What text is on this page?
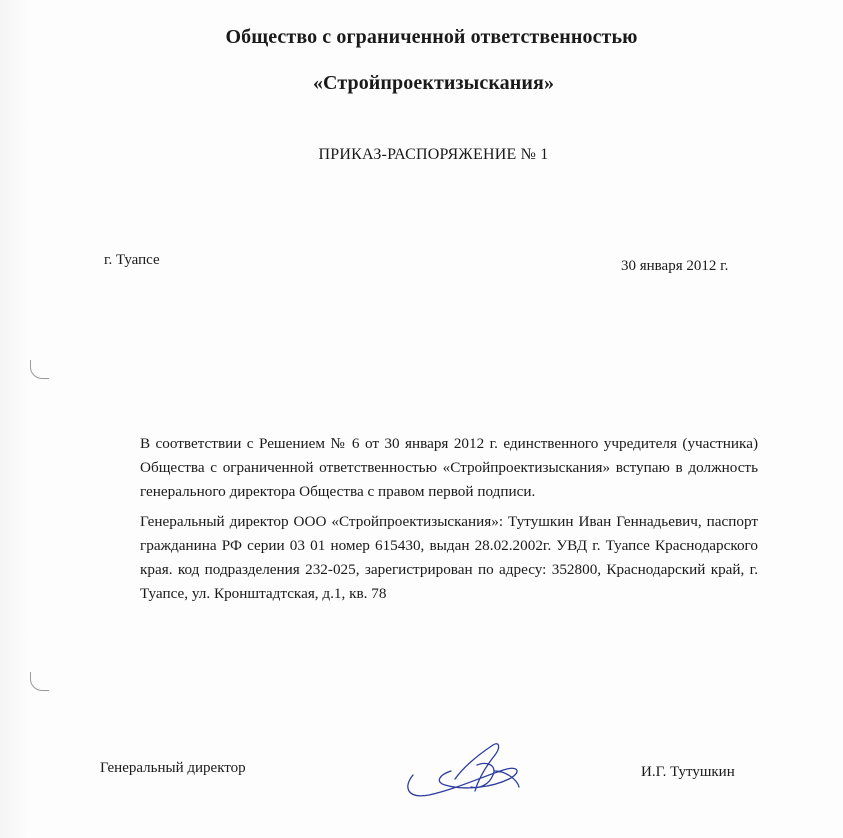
Общество с ограниченной ответственностью
«Стройпроектизыскания»
ПРИКАЗ-РАСПОРЯЖЕНИЕ № 1
г. Туапсе	30 января 2012 г.
В соответствии с Решением № 6 от 30 января 2012 г. единственного учредителя (участника) Общества с ограниченной ответственностью «Стройпроектизыскания» вступаю в должность генерального директора Общества с правом первой подписи.
Генеральный директор ООО «Стройпроектизыскания»: Тутушкин Иван Геннадьевич, паспорт гражданина РФ серии 03 01 номер 615430, выдан 28.02.2002г. УВД г. Туапсе Краснодарского края. код подразделения 232-025, зарегистрирован по адресу: 352800, Краснодарский край, г. Туапсе, ул. Кронштадтская, д.1, кв. 78
Генеральный директор	И.Г. Тутушкин
